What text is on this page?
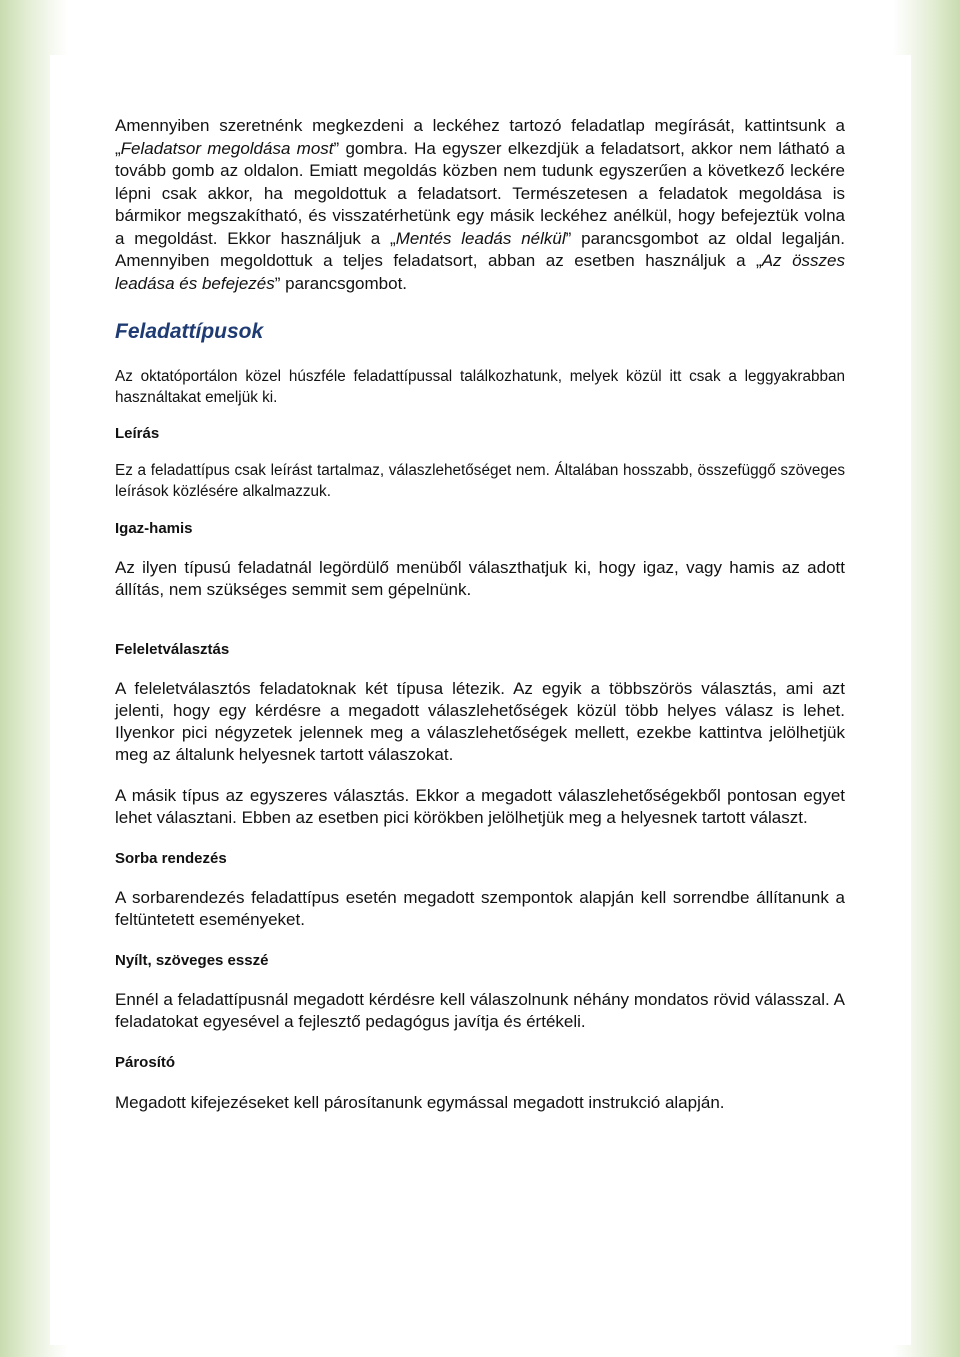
Amennyiben szeretnénk megkezdeni a leckéhez tartozó feladatlap megírását, kattintsunk a „Feladatsor megoldása most” gombra. Ha egyszer elkezdjük a feladatsort, akkor nem látható a tovább gomb az oldalon. Emiatt megoldás közben nem tudunk egyszerűen a következő leckére lépni csak akkor, ha megoldottuk a feladatsort. Természetesen a feladatok megoldása is bármikor megszakítható, és visszatérhetünk egy másik leckéhez anélkül, hogy befejeztük volna a megoldást. Ekkor használjuk a „Mentés leadás nélkül” parancsgombot az oldal legalján. Amennyiben megoldottuk a teljes feladatsort, abban az esetben használjuk a „Az összes leadása és befejezés” parancsgombot.

Feladattípusok

Az oktatóportálon közel húszféle feladattípussal találkozhatunk, melyek közül itt csak a leggyakrabban használtakat emeljük ki.

Leírás

Ez a feladattípus csak leírást tartalmaz, válaszlehetőséget nem. Általában hosszabb, összefüggő szöveges leírások közlésére alkalmazzuk.

Igaz-hamis

Az ilyen típusú feladatnál legördülő menüből választhatjuk ki, hogy igaz, vagy hamis az adott állítás, nem szükséges semmit sem gépelnünk.

Feleletválasztás

A feleletválasztós feladatoknak két típusa létezik. Az egyik a többszörös választás, ami azt jelenti, hogy egy kérdésre a megadott válaszlehetőségek közül több helyes válasz is lehet. Ilyenkor pici négyzetek jelennek meg a válaszlehetőségek mellett, ezekbe kattintva jelölhetjük meg az általunk helyesnek tartott válaszokat.

A másik típus az egyszeres választás. Ekkor a megadott válaszlehetőségekből pontosan egyet lehet választani. Ebben az esetben pici körökben jelölhetjük meg a helyesnek tartott választ.

Sorba rendezés

A sorbarendezés feladattípus esetén megadott szempontok alapján kell sorrendbe állítanunk a feltüntetett eseményeket.

Nyílt, szöveges esszé

Ennél a feladattípusnál megadott kérdésre kell válaszolnunk néhány mondatos rövid válasszal. A feladatokat egyesével a fejlesztő pedagógus javítja és értékeli.

Párosító

Megadott kifejezéseket kell párosítanunk egymással megadott instrukció alapján.
